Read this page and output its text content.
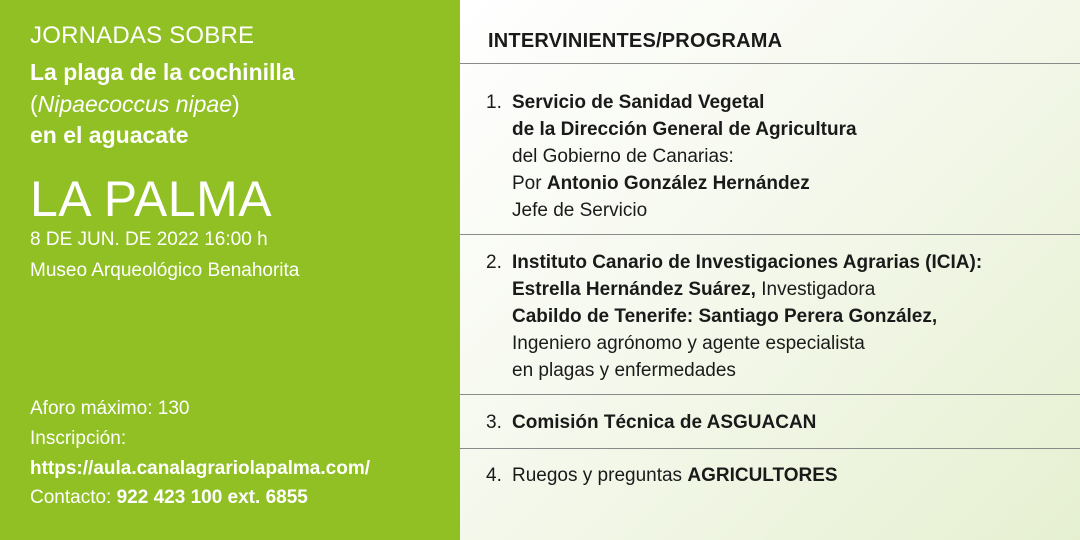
JORNADAS SOBRE
La plaga de la cochinilla
(Nipaecoccus nipae)
en el aguacate
LA PALMA
8 DE JUN. DE 2022 16:00 h
Museo Arqueológico Benahorita
Aforo máximo: 130
Inscripción:
https://aula.canalagrariolapalma.com/
Contacto: 922 423 100 ext. 6855
INTERVINIENTES/PROGRAMA
1. Servicio de Sanidad Vegetal
de la Dirección General de Agricultura
del Gobierno de Canarias:
Por Antonio González Hernández
Jefe de Servicio
2. Instituto Canario de Investigaciones Agrarias (ICIA):
Estrella Hernández Suárez, Investigadora
Cabildo de Tenerife: Santiago Perera González,
Ingeniero agrónomo y agente especialista
en plagas y enfermedades
3. Comisión Técnica de ASGUACAN
4. Ruegos y preguntas AGRICULTORES
